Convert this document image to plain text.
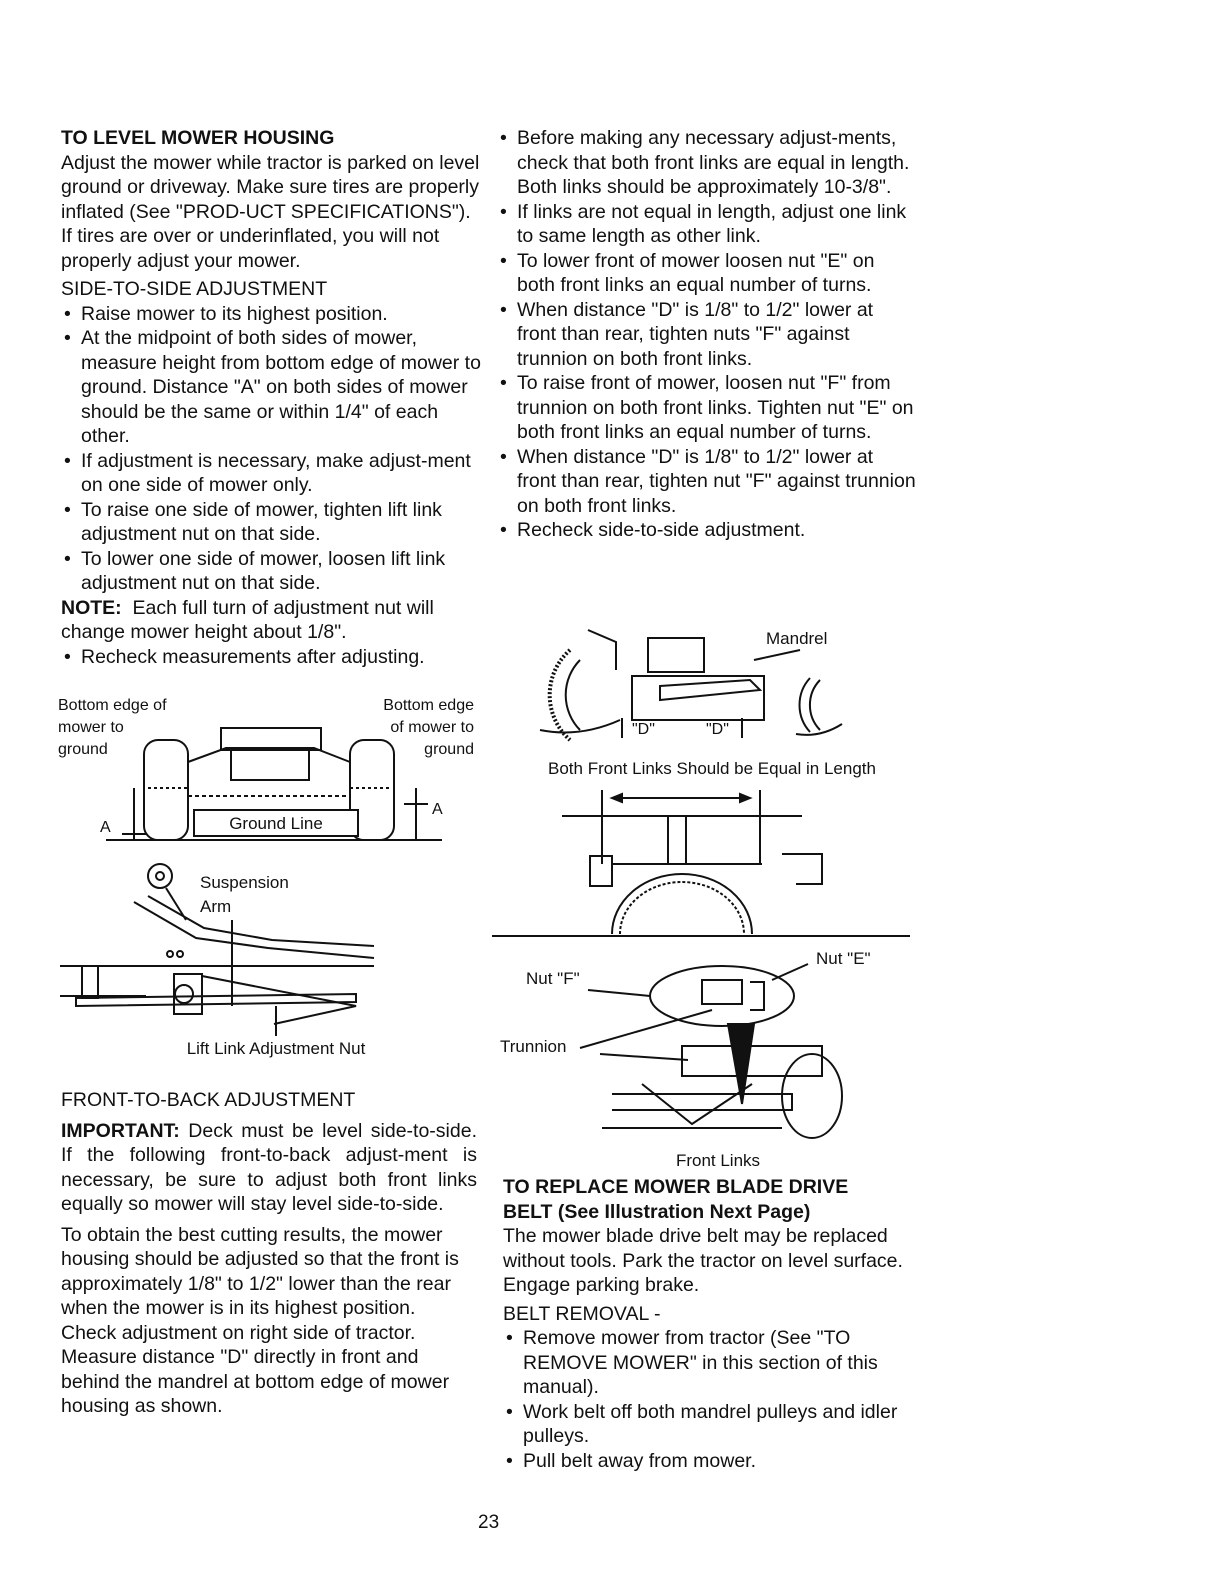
TO LEVEL MOWER HOUSING

Adjust the mower while tractor is parked on level ground or driveway. Make sure tires are properly inflated (See "PROD-UCT SPECIFICATIONS"). If tires are over or underinflated, you will not properly adjust your mower.

SIDE-TO-SIDE ADJUSTMENT

• Raise mower to its highest position.
• At the midpoint of both sides of mower, measure height from bottom edge of mower to ground. Distance "A" on both sides of mower should be the same or within 1/4" of each other.
• If adjustment is necessary, make adjust-ment on one side of mower only.
• To raise one side of mower, tighten lift link adjustment nut on that side.
• To lower one side of mower, loosen lift link adjustment nut on that side.

NOTE: Each full turn of adjustment nut will change mower height about 1/8".

• Recheck measurements after adjusting.
Bottom edge of
mower to
ground
Bottom edge
of mower to
ground
Ground Line
A
A
Suspension
Arm
Lift Link Adjustment Nut

FRONT-TO-BACK ADJUSTMENT

IMPORTANT: Deck must be level side-to-side. If the following front-to-back adjust-ment is necessary, be sure to adjust both front links equally so mower will stay level side-to-side.

To obtain the best cutting results, the mower housing should be adjusted so that the front is approximately 1/8" to 1/2" lower than the rear when the mower is in its highest position.

Check adjustment on right side of tractor. Measure distance "D" directly in front and behind the mandrel at bottom edge of mower housing as shown.

• Before making any necessary adjust-ments, check that both front links are equal in length. Both links should be approximately 10-3/8".
• If links are not equal in length, adjust one link to same length as other link.
• To lower front of mower loosen nut "E" on both front links an equal number of turns.
• When distance "D" is 1/8" to 1/2" lower at front than rear, tighten nuts "F" against trunnion on both front links.
• To raise front of mower, loosen nut "F" from trunnion on both front links. Tighten nut "E" on both front links an equal number of turns.
• When distance "D" is 1/8" to 1/2" lower at front than rear, tighten nut "F" against trunnion on both front links.
• Recheck side-to-side adjustment.
Mandrel
"D"	"D"
Both Front Links Should be Equal in Length
Nut "F"
Nut "E"
Trunnion
Front Links

TO REPLACE MOWER BLADE DRIVE

BELT (See Illustration Next Page)

The mower blade drive belt may be replaced without tools. Park the tractor on level surface. Engage parking brake.

BELT REMOVAL -

• Remove mower from tractor (See "TO REMOVE MOWER" in this section of this manual).
• Work belt off both mandrel pulleys and idler pulleys.
• Pull belt away from mower.
23
